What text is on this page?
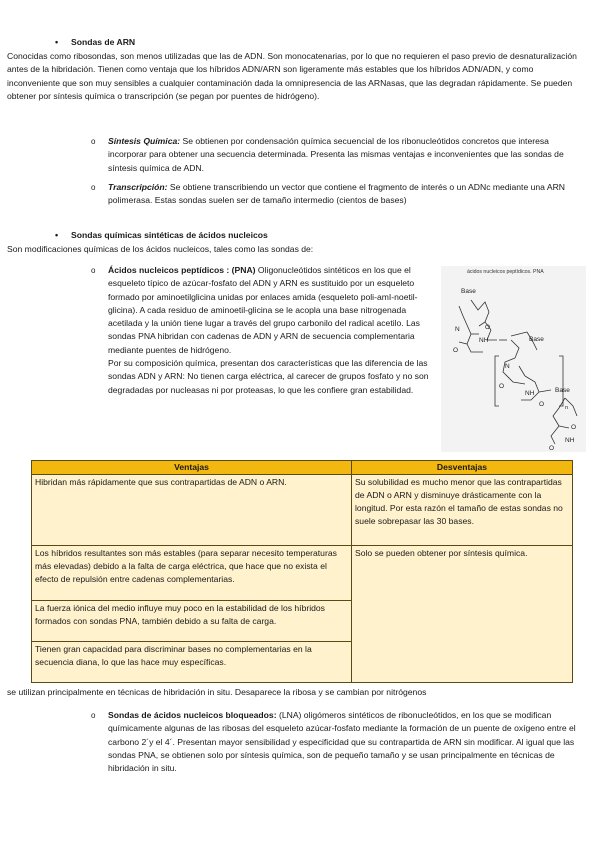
• Sondas de ARN

Conocidas como ribosondas, son menos utilizadas que las de ADN. Son monocatenarias, por lo que no requieren el paso previo de desnaturalización antes de la hibridación. Tienen como ventaja que los híbridos ADN/ARN son ligeramente más estables que los híbridos ADN/ADN, y como inconveniente que son muy sensibles a cualquier contaminación dada la omnipresencia de las ARNasas, que las degradan rápidamente. Se pueden obtener por síntesis química o transcripción (se pegan por puentes de hidrógeno).

o Síntesis Química: Se obtienen por condensación química secuencial de los ribonucleótidos concretos que interesa incorporar para obtener una secuencia determinada. Presenta las mismas ventajas e inconvenientes que las sondas de síntesis química de ADN.
o Transcripción: Se obtiene transcribiendo un vector que contiene el fragmento de interés o un ADNc mediante una ARN polimerasa. Estas sondas suelen ser de tamaño intermedio (cientos de bases)
• Sondas químicas sintéticas de ácidos nucleicos

Son modificaciones químicas de los ácidos nucleicos, tales como las sondas de:

o Ácidos nucleicos peptídicos : (PNA) Oligonucleótidos sintéticos en los que el esqueleto típico de azúcar-fosfato del ADN y ARN es sustituido por un esqueleto formado por aminoetilglicina unidas por enlaces amida (esqueleto poli-amI-noetil-glicina). A cada residuo de aminoetil-glicina se le acopla una base nitrogenada acetilada y la unión tiene lugar a través del grupo carbonilo del radical acetilo. Las sondas PNA hibridan con cadenas de ADN y ARN de secuencia complementaria mediante puentes de hidrógeno.
Por su composición química, presentan dos características que las diferencia de las sondas ADN y ARN: No tienen carga eléctrica, al carecer de grupos fosfato y no son degradadas por nucleasas ni por proteasas, lo que les confiere gran estabilidad.
ácidos nucleicos peptídicos. PNA
Base
N
O
O
NH	Base
N
O
NH
O	n
Base
O
NH
O
Ventajas	Desventajas
Hibridan más rápidamente que sus contrapartidas de ADN o ARN.	Su solubilidad es mucho menor que las contrapartidas de ADN o ARN y disminuye drásticamente con la longitud. Por esta razón el tamaño de estas sondas no suele sobrepasar las 30 bases.
Los híbridos resultantes son más estables (para separar necesito temperaturas más elevadas) debido a la falta de carga eléctrica, que hace que no exista el efecto de repulsión entre cadenas complementarias.	Solo se pueden obtener por síntesis química.
La fuerza iónica del medio influye muy poco en la estabilidad de los híbridos formados con sondas PNA, también debido a su falta de carga.	
Tienen gran capacidad para discriminar bases no complementarias en la secuencia diana, lo que las hace muy específicas.	

se utilizan principalmente en técnicas de hibridación in situ. Desaparece la ribosa y se cambian por nitrógenos

o Sondas de ácidos nucleicos bloqueados: (LNA) oligómeros sintéticos de ribonucleótidos, en los que se modifican químicamente algunas de las ribosas del esqueleto azúcar-fosfato mediante la formación de un puente de oxígeno entre el carbono 2´y el 4´. Presentan mayor sensibilidad y especificidad que su contrapartida de ARN sin modificar. Al igual que las sondas PNA, se obtienen solo por síntesis química, son de pequeño tamaño y se usan principalmente en técnicas de hibridación in situ.
